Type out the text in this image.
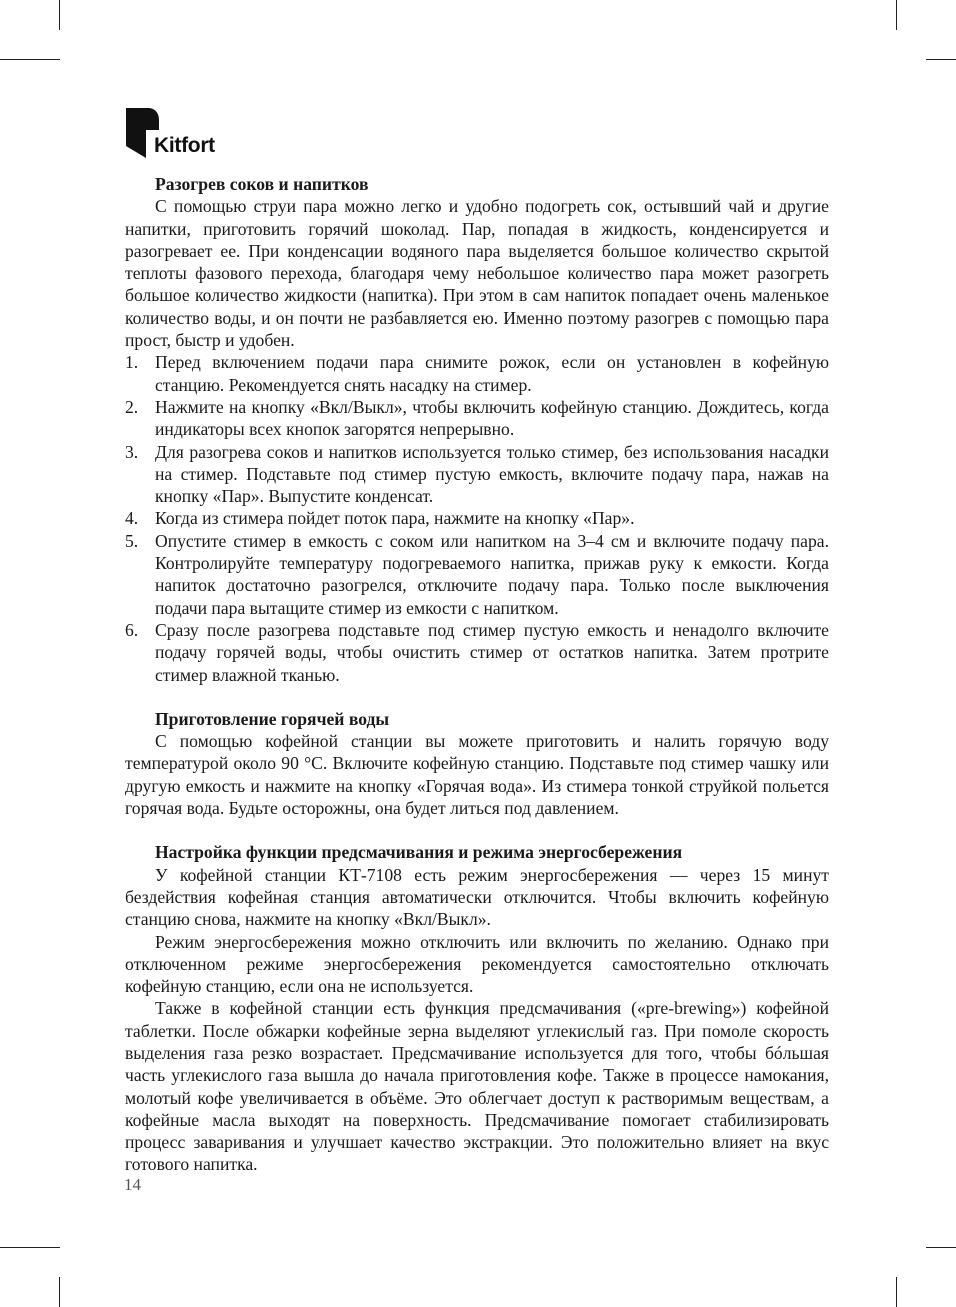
Kitfort

Разогрев соков и напитков

С помощью струи пара можно легко и удобно подогреть сок, остывший чай и другие напитки, приготовить горячий шоколад. Пар, попадая в жидкость, конденсируется и разогревает ее. При конденсации водяного пара выделяется большое количество скрытой теплоты фазового перехода, благодаря чему небольшое количество пара может разогреть большое количество жидкости (напитка). При этом в сам напиток попадает очень маленькое количество воды, и он почти не разбавляется ею. Именно поэтому разогрев с помощью пара прост, быстр и удобен.

1. Перед включением подачи пара снимите рожок, если он установлен в кофейную станцию. Рекомендуется снять насадку на стимер.
2. Нажмите на кнопку «Вкл/Выкл», чтобы включить кофейную станцию. Дождитесь, когда индикаторы всех кнопок загорятся непрерывно.
3. Для разогрева соков и напитков используется только стимер, без использования насадки на стимер. Подставьте под стимер пустую емкость, включите подачу пара, нажав на кнопку «Пар». Выпустите конденсат.
4. Когда из стимера пойдет поток пара, нажмите на кнопку «Пар».
5. Опустите стимер в емкость с соком или напитком на 3–4 см и включите подачу пара. Контролируйте температуру подогреваемого напитка, прижав руку к емкости. Когда напиток достаточно разогрелся, отключите подачу пара. Только после выключения подачи пара вытащите стимер из емкости с напитком.
6. Сразу после разогрева подставьте под стимер пустую емкость и ненадолго включите подачу горячей воды, чтобы очистить стимер от остатков напитка. Затем протрите стимер влажной тканью.

Приготовление горячей воды

С помощью кофейной станции вы можете приготовить и налить горячую воду температурой около 90 °С. Включите кофейную станцию. Подставьте под стимер чашку или другую емкость и нажмите на кнопку «Горячая вода». Из стимера тонкой струйкой польется горячая вода. Будьте осторожны, она будет литься под давлением.

Настройка функции предсмачивания и режима энергосбережения

У кофейной станции КТ-7108 есть режим энергосбережения — через 15 минут бездействия кофейная станция автоматически отключится. Чтобы включить кофейную станцию снова, нажмите на кнопку «Вкл/Выкл».

Режим энергосбережения можно отключить или включить по желанию. Однако при отключенном режиме энергосбережения рекомендуется самостоятельно отключать кофейную станцию, если она не используется.

Также в кофейной станции есть функция предсмачивания («pre-brewing») кофейной таблетки. После обжарки кофейные зерна выделяют углекислый газ. При помоле скорость выделения газа резко возрастает. Предсмачивание используется для того, чтобы бóльшая часть углекислого газа вышла до начала приготовления кофе. Также в процессе намокания, молотый кофе увеличивается в объёме. Это облегчает доступ к растворимым веществам, а кофейные масла выходят на поверхность. Предсмачивание помогает стабилизировать процесс заваривания и улучшает качество экстракции. Это положительно влияет на вкус готового напитка.

14
